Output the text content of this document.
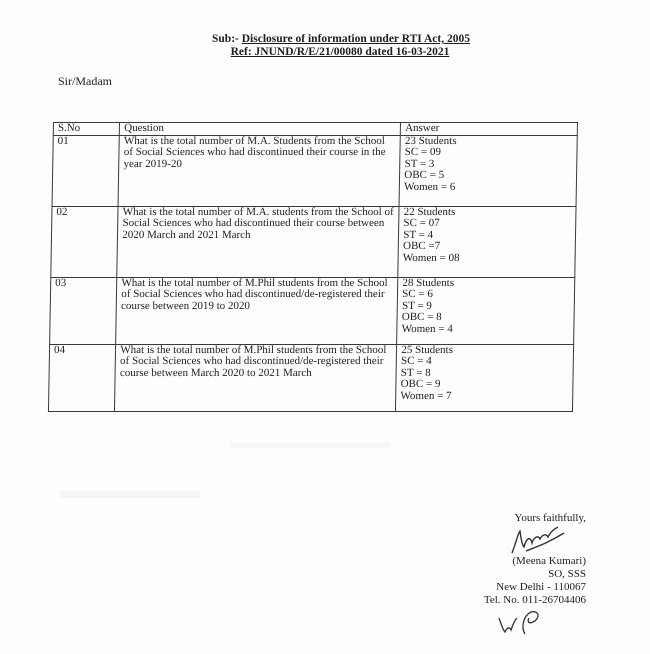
Sub:- Disclosure of information under RTI Act, 2005
Ref: JNUND/R/E/21/00080 dated 16-03-2021
Sir/Madam
S.No	Question	Answer
01	What is the total number of M.A. Students from the School of Social Sciences who had discontinued their course in the year 2019-20	23 Students
SC = 09
ST = 3
OBC = 5
Women = 6

02	What is the total number of M.A. students from the School of Social Sciences who had discontinued their course between 2020 March and 2021 March	22 Students
SC = 07
ST = 4
OBC =7
Women = 08

03	What is the total number of M.Phil students from the School of Social Sciences who had discontinued/de-registered their course between 2019 to 2020	28 Students
SC = 6
ST = 9
OBC = 8
Women = 4

04	What is the total number of M.Phil students from the School of Social Sciences who had discontinued/de-registered their course between March 2020 to 2021 March	25 Students
SC = 4
ST = 8
OBC = 9
Women = 7
Yours faithfully,
(Meena Kumari)
SO, SSS
New Delhi - 110067
Tel. No. 011-26704406
